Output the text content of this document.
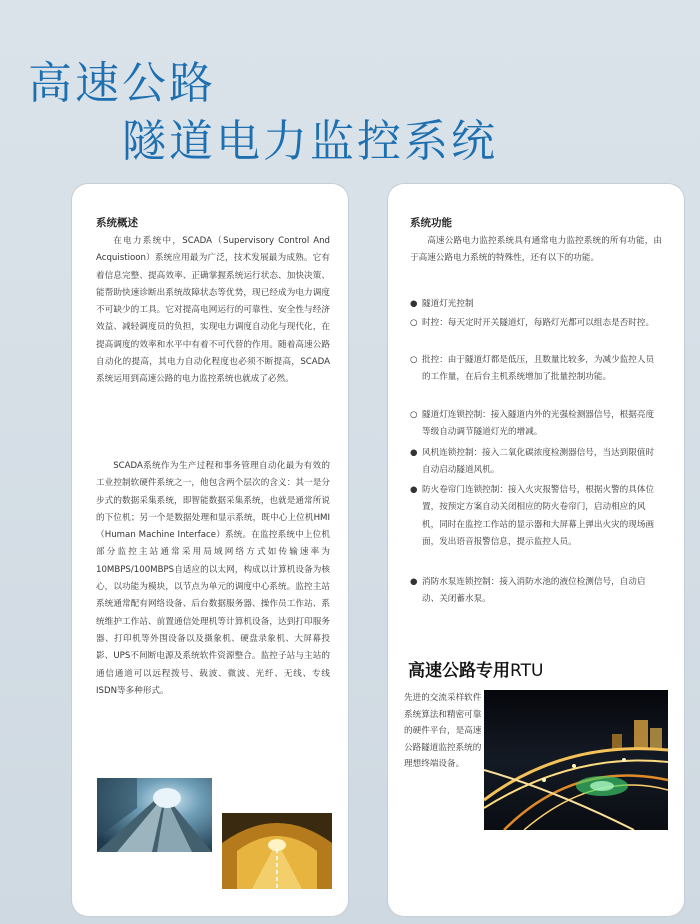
高速公路
隧道电力监控系统
系统概述
在电力系统中，SCADA（Supervisory Control And Acquistioon）系统应用最为广泛，技术发展最为成熟。它有着信息完整、提高效率、正确掌握系统运行状态、加快决策、能帮助快速诊断出系统故障状态等优势，现已经成为电力调度不可缺少的工具。它对提高电网运行的可靠性、安全性与经济效益、减轻调度员的负担，实现电力调度自动化与现代化，在提高调度的效率和水平中有着不可代替的作用。随着高速公路自动化的提高，其电力自动化程度也必须不断提高，SCADA系统运用到高速公路的电力监控系统也就成了必然。
SCADA系统作为生产过程和事务管理自动化最为有效的工业控制软硬件系统之一，他包含两个层次的含义：其一是分步式的数据采集系统，即智能数据采集系统，也就是通常所说的下位机；另一个是数据处理和显示系统，既中心上位机HMI（Human Machine Interface）系统。在监控系统中上位机部分监控主站通常采用局域网络方式如传输速率为10MBPS/100MBPS自适应的以太网，构成以计算机设备为核心，以功能为模块，以节点为单元的调度中心系统。监控主站系统通常配有网络设备、后台数据服务器、操作员工作站、系统维护工作站、前置通信处理机等计算机设备，达到打印服务器、打印机等外围设备以及摄象机、硬盘录象机、大屏幕投影、UPS不间断电源及系统软件资源整合。监控子站与主站的通信通道可以远程拨号、载波、微波、光纤、无线、专线ISDN等多种形式。
系统功能
高速公路电力监控系统具有通常电力监控系统的所有功能，由于高速公路电力系统的特殊性，还有以下的功能。
● 隧道灯光控制
○ 时控：每天定时开关隧道灯，每路灯光都可以组态是否时控。
○ 批控：由于隧道灯都是低压，且数量比较多，为减少监控人员的工作量，在后台主机系统增加了批量控制功能。
○ 隧道灯连锁控制：接入隧道内外的光强检测器信号，根据亮度等级自动调节隧道灯光的增减。
● 风机连锁控制：接入二氧化碳浓度检测器信号，当达到限值时自动启动隧道风机。
● 防火卷帘门连锁控制：接入火灾报警信号，根据火警的具体位置，按预定方案自动关闭相应的防火卷帘门，启动相应的风机，同时在监控工作站的显示器和大屏幕上弹出火灾的现场画面，发出语音报警信息，提示监控人员。
● 消防水泵连锁控制：接入消防水池的液位检测信号，自动启动、关闭蓄水泵。
高速公路专用RTU
先进的交流采样软件系统算法和精密可靠的硬件平台，是高速公路隧道监控系统的理想终端设备。
